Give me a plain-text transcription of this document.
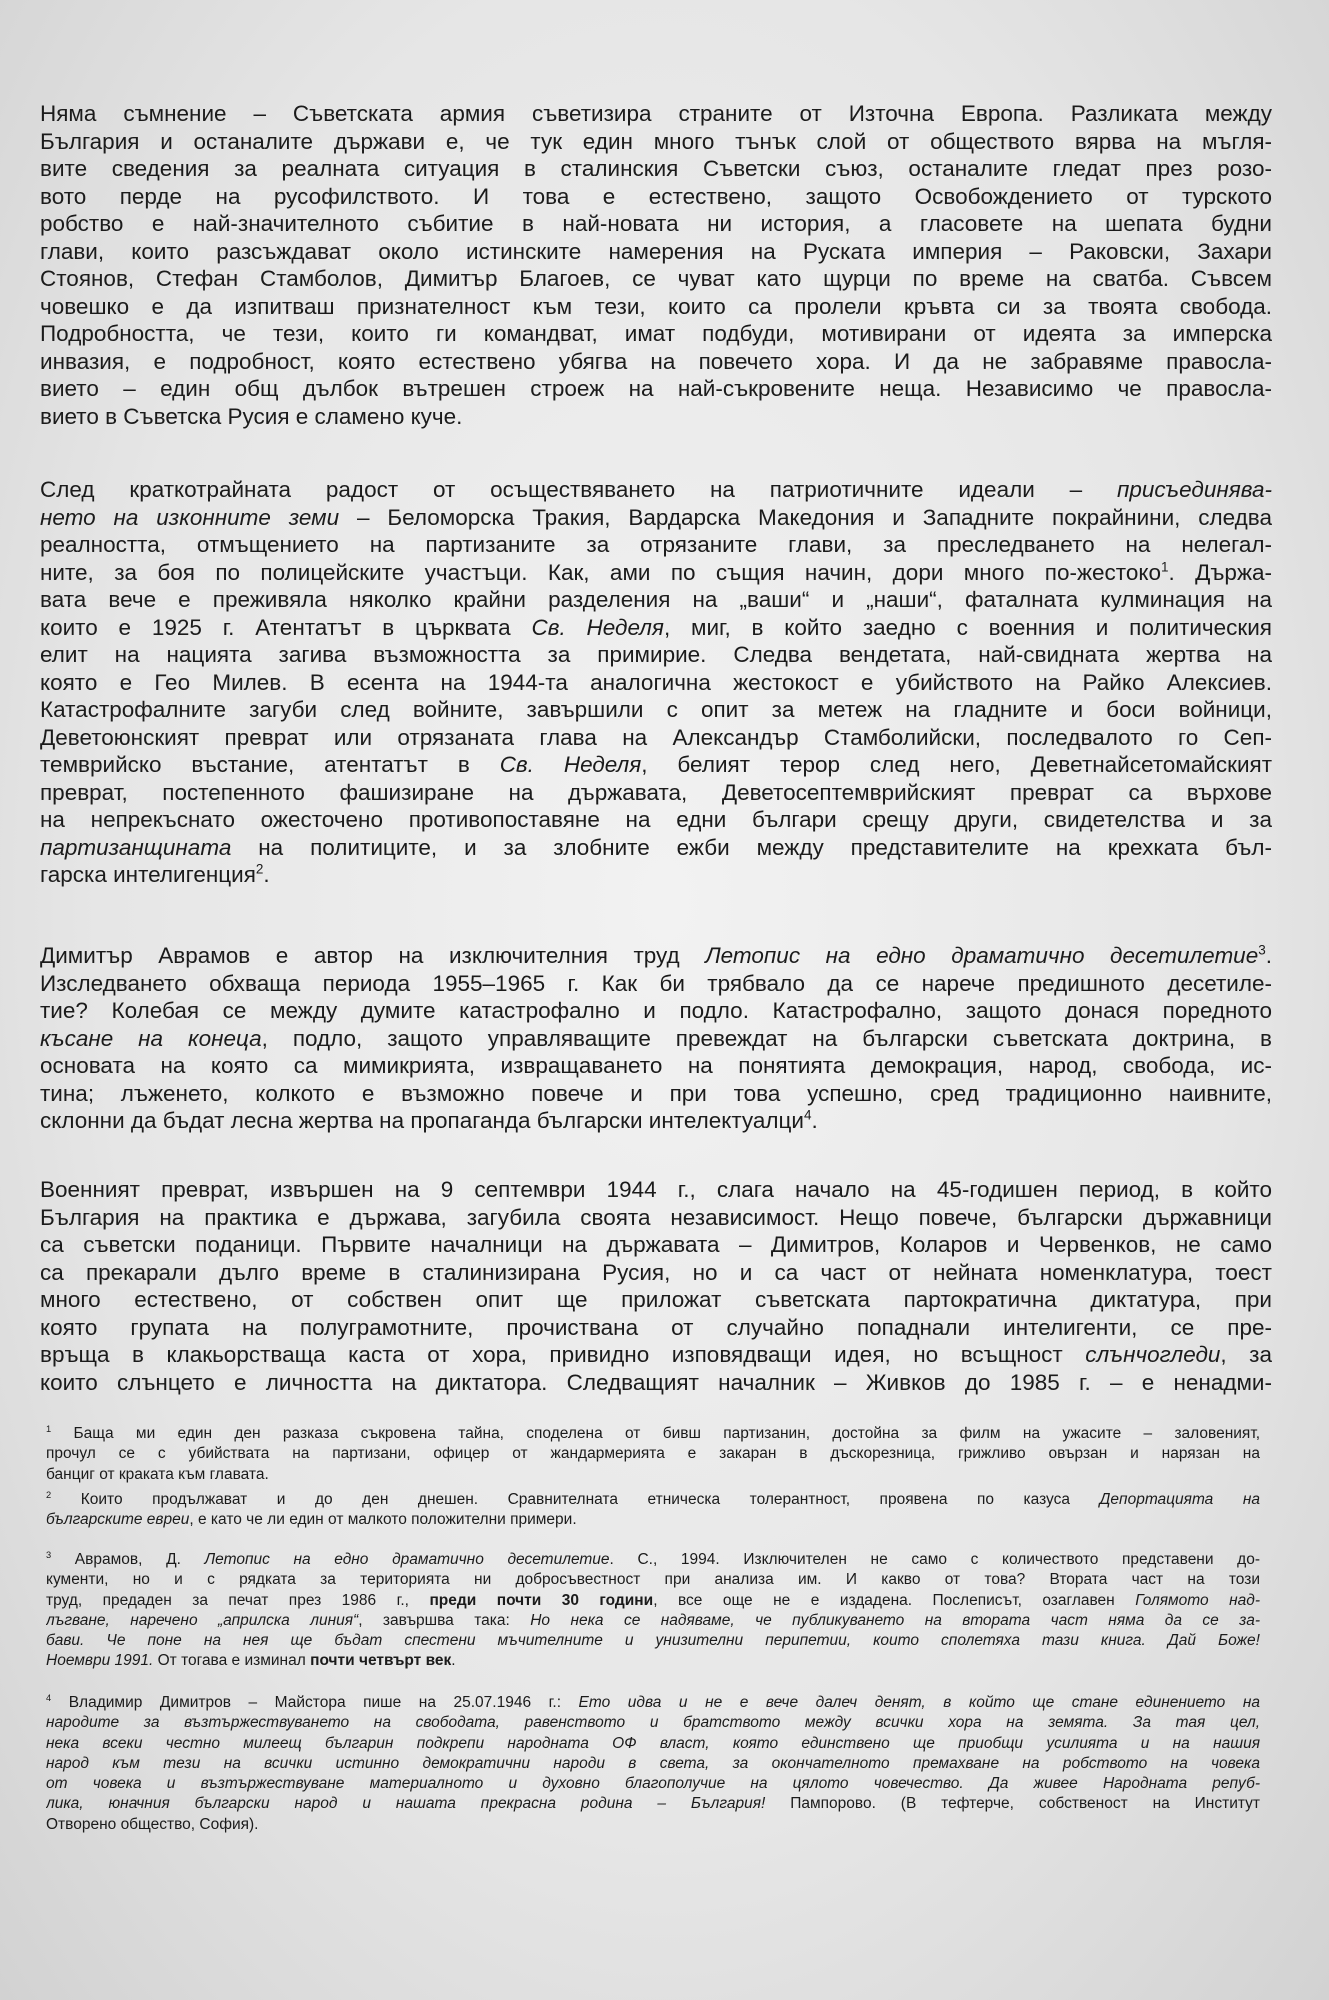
Няма съмнение – Съветската армия съветизира страните от Източна Европа. Разликата между
България и останалите държави е, че тук един много тънък слой от обществото вярва на мъгля-
вите сведения за реалната ситуация в сталинския Съветски съюз, останалите гледат през розо-
вото перде на русофилството. И това е естествено, защото Освобождението от турското
робство е най-значителното събитие в най-новата ни история, а гласовете на шепата будни
глави, които разсъждават около истинските намерения на Руската империя – Раковски, Захари
Стоянов, Стефан Стамболов, Димитър Благоев, се чуват като щурци по време на сватба. Съвсем
човешко е да изпитваш признателност към тези, които са пролели кръвта си за твоята свобода.
Подробността, че тези, които ги командват, имат подбуди, мотивирани от идеята за имперска
инвазия, е подробност, която естествено убягва на повечето хора. И да не забравяме правосла-
вието – един общ дълбок вътрешен строеж на най-съкровените неща. Независимо че правосла-
вието в Съветска Русия е сламено куче.
След краткотрайната радост от осъществяването на патриотичните идеали – присъединява-
нето на изконните земи – Беломорска Тракия, Вардарска Македония и Западните покрайнини, следва
реалността, отмъщението на партизаните за отрязаните глави, за преследването на нелегал-
ните, за боя по полицейските участъци. Как, ами по същия начин, дори много по-жестоко$^1$. Държа-
вата вече е преживяла няколко крайни разделения на „ваши“ и „наши“, фаталната кулминация на
които е 1925 г. Атентатът в църквата Св. Неделя, миг, в който заедно с военния и политическия
елит на нацията загива възможността за примирие. Следва вендетата, най-свидната жертва на
която е Гео Милев. В есента на 1944-та аналогична жестокост е убийството на Райко Алексиев.
Катастрофалните загуби след войните, завършили с опит за метеж на гладните и боси войници,
Деветоюнският преврат или отрязаната глава на Александър Стамболийски, последвалото го Сеп-
темврийско въстание, атентатът в Св. Неделя, белият терор след него, Деветнайсетомайският
преврат, постепенното фашизиране на държавата, Деветосептемврийският преврат са върхове
на непрекъснато ожесточено противопоставяне на едни българи срещу други, свидетелства и за
партизанщината на политиците, и за злобните ежби между представителите на крехката бъл-
гарска интелигенция$^2$.
Димитър Аврамов е автор на изключителния труд Летопис на едно драматично десетилетие$^3$.
Изследването обхваща периода 1955–1965 г. Как би трябвало да се нарече предишното десетиле-
тие? Колебая се между думите катастрофално и подло. Катастрофално, защото донася поредното
късане на конеца, подло, защото управляващите превеждат на български съветската доктрина, в
основата на която са мимикрията, извращаването на понятията демокрация, народ, свобода, ис-
тина; лъженето, колкото е възможно повече и при това успешно, сред традиционно наивните,
склонни да бъдат лесна жертва на пропаганда български интелектуалци$^4$.
Военният преврат, извършен на 9 септември 1944 г., слага начало на 45-годишен период, в който
България на практика е държава, загубила своята независимост. Нещо повече, български държавници
са съветски поданици. Първите началници на държавата – Димитров, Коларов и Червенков, не само
са прекарали дълго време в сталинизирана Русия, но и са част от нейната номенклатура, тоест
много естествено, от собствен опит ще приложат съветската партократична диктатура, при
която групата на полуграмотните, прочиствана от случайно попаднали интелигенти, се пре-
връща в клакьорстваща каста от хора, привидно изповядващи идея, но всъщност слънчогледи, за
които слънцето е личността на диктатора. Следващият началник – Живков до 1985 г. – е ненадми-
$^1$ Баща ми един ден разказа съкровена тайна, споделена от бивш партизанин, достойна за филм на ужасите – заловеният,
прочул се с убийствата на партизани, офицер от жандармерията е закаран в дъскорезница, грижливо овързан и нарязан на
банциг от краката към главата.
$^2$ Които продължават и до ден днешен. Сравнителната етническа толерантност, проявена по казуса Депортацията на
българските евреи, е като че ли един от малкото положителни примери.
$^3$ Аврамов, Д. Летопис на едно драматично десетилетие. С., 1994. Изключителен не само с количеството представени до-
кументи, но и с рядката за територията ни добросъвестност при анализа им. И какво от това? Втората част на този
труд, предаден за печат през 1986 г., преди почти 30 години, все още не е издадена. Послеписът, озаглавен Голямото над-
лъгване, наречено „априлска линия“, завършва така: Но нека се надяваме, че публикуването на втората част няма да се за-
бави. Че поне на нея ще бъдат спестени мъчителните и унизителни перипетии, които сполетяха тази книга. Дай Боже!
Ноември 1991. От тогава е изминал почти четвърт век.
$^4$ Владимир Димитров – Майстора пише на 25.07.1946 г.: Ето идва и не е вече далеч денят, в който ще стане единението на
народите за възтържествуването на свободата, равенството и братството между всички хора на земята. За тая цел,
нека всеки честно милеещ българин подкрепи народната ОФ власт, която единствено ще приобщи усилията и на нашия
народ към тези на всички истинно демократични народи в света, за окончателното премахване на робството на човека
от човека и възтържествуване материалното и духовно благополучие на цялото човечество. Да живее Народната репуб-
лика, юначния български народ и нашата прекрасна родина – България! Пампорово. (В тефтерче, собственост на Институт
Отворено общество, София).
